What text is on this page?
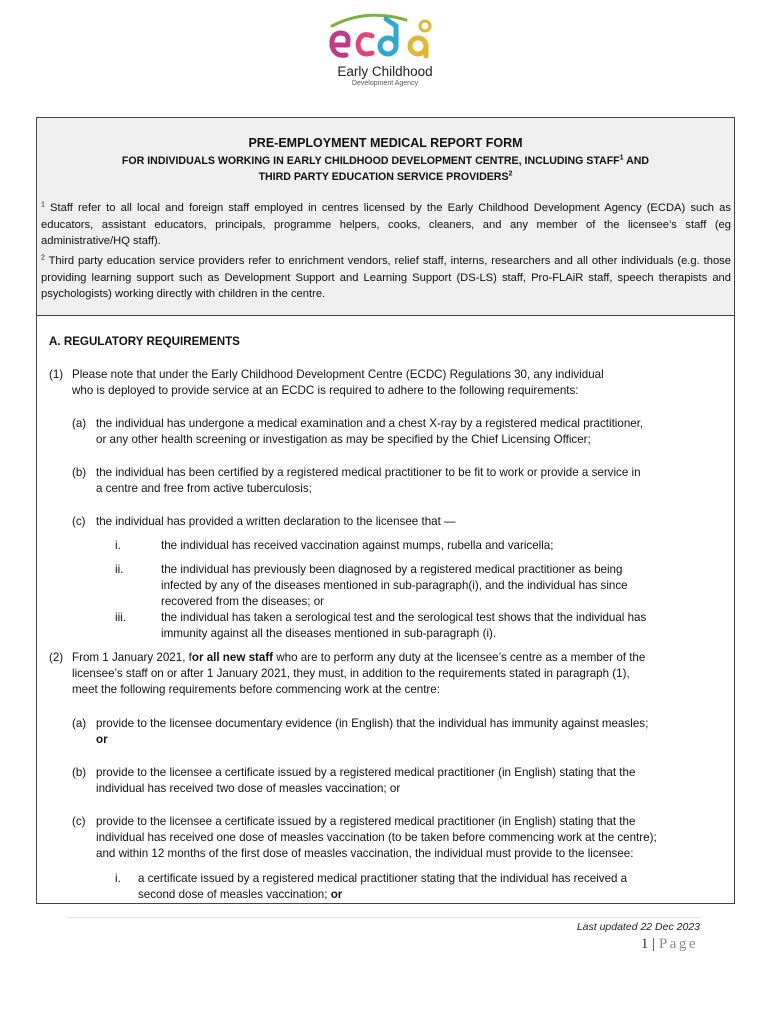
Early Childhood
Development Agency
PRE-EMPLOYMENT MEDICAL REPORT FORM
FOR INDIVIDUALS WORKING IN EARLY CHILDHOOD DEVELOPMENT CENTRE, INCLUDING STAFF$^1$ AND
THIRD PARTY EDUCATION SERVICE PROVIDERS$^2$
$^1$ Staff refer to all local and foreign staff employed in centres licensed by the Early Childhood Development Agency (ECDA) such as educators, assistant educators, principals, programme helpers, cooks, cleaners, and any member of the licensee’s staff (eg administrative/HQ staff).
$^2$ Third party education service providers refer to enrichment vendors, relief staff, interns, researchers and all other individuals (e.g. those providing learning support such as Development Support and Learning Support (DS-LS) staff, Pro-FLAiR staff, speech therapists and psychologists) working directly with children in the centre.
A. REGULATORY REQUIREMENTS
(1) Please note that under the Early Childhood Development Centre (ECDC) Regulations 30, any individual
who is deployed to provide service at an ECDC is required to adhere to the following requirements:
(a) the individual has undergone a medical examination and a chest X-ray by a registered medical practitioner,
or any other health screening or investigation as may be specified by the Chief Licensing Officer;
(b) the individual has been certified by a registered medical practitioner to be fit to work or provide a service in
a centre and free from active tuberculosis;
(c) the individual has provided a written declaration to the licensee that —
i.	the individual has received vaccination against mumps, rubella and varicella;
ii.	the individual has previously been diagnosed by a registered medical practitioner as being
infected by any of the diseases mentioned in sub-paragraph(i), and the individual has since
recovered from the diseases; or
iii.	the individual has taken a serological test and the serological test shows that the individual has
immunity against all the diseases mentioned in sub-paragraph (i).
(2) From 1 January 2021, for all new staff who are to perform any duty at the licensee’s centre as a member of the
licensee’s staff on or after 1 January 2021, they must, in addition to the requirements stated in paragraph (1),
meet the following requirements before commencing work at the centre:
(a) provide to the licensee documentary evidence (in English) that the individual has immunity against measles;
or
(b) provide to the licensee a certificate issued by a registered medical practitioner (in English) stating that the
individual has received two dose of measles vaccination; or
(c) provide to the licensee a certificate issued by a registered medical practitioner (in English) stating that the
individual has received one dose of measles vaccination (to be taken before commencing work at the centre);
and within 12 months of the first dose of measles vaccination, the individual must provide to the licensee:
i. a certificate issued by a registered medical practitioner stating that the individual has received a
second dose of measles vaccination; or
Last updated 22 Dec 2023
1 | Page
